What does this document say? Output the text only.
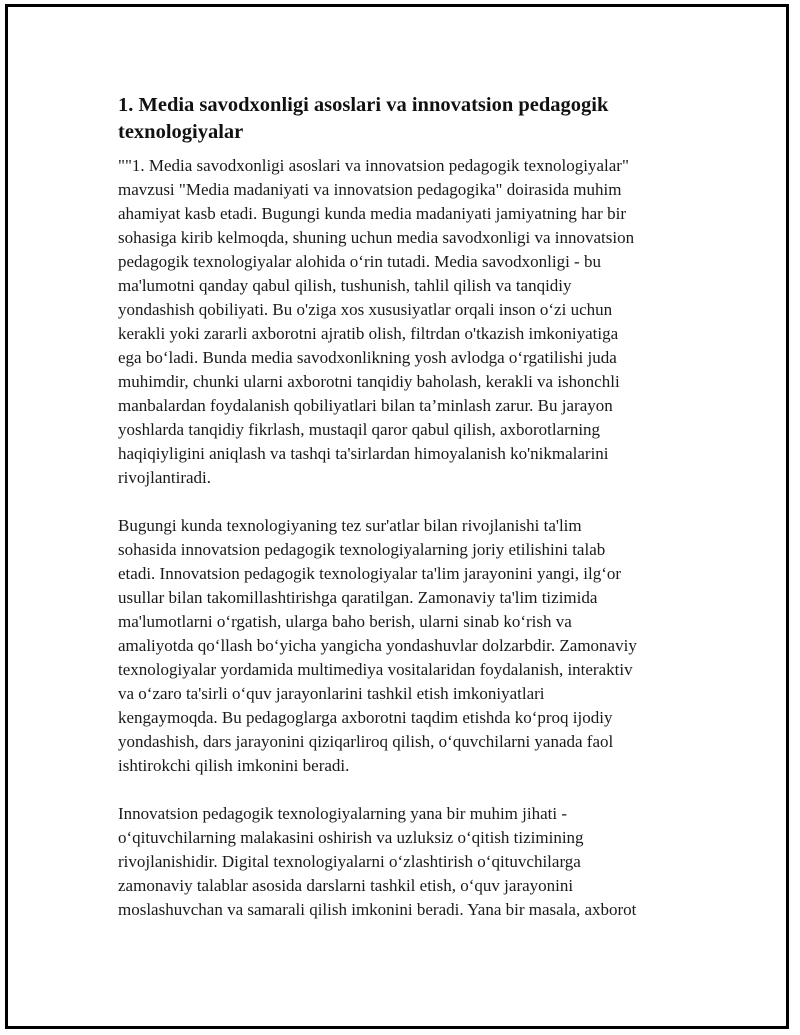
1. Media savodxonligi asoslari va innovatsion pedagogik
texnologiyalar

""1. Media savodxonligi asoslari va innovatsion pedagogik texnologiyalar"
mavzusi "Media madaniyati va innovatsion pedagogika" doirasida muhim
ahamiyat kasb etadi. Bugungi kunda media madaniyati jamiyatning har bir
sohasiga kirib kelmoqda, shuning uchun media savodxonligi va innovatsion
pedagogik texnologiyalar alohida o‘rin tutadi. Media savodxonligi - bu
ma'lumotni qanday qabul qilish, tushunish, tahlil qilish va tanqidiy
yondashish qobiliyati. Bu o'ziga xos xususiyatlar orqali inson o‘zi uchun
kerakli yoki zararli axborotni ajratib olish, filtrdan o'tkazish imkoniyatiga
ega bo‘ladi. Bunda media savodxonlikning yosh avlodga o‘rgatilishi juda
muhimdir, chunki ularni axborotni tanqidiy baholash, kerakli va ishonchli
manbalardan foydalanish qobiliyatlari bilan ta’minlash zarur. Bu jarayon
yoshlarda tanqidiy fikrlash, mustaqil qaror qabul qilish, axborotlarning
haqiqiyligini aniqlash va tashqi ta'sirlardan himoyalanish ko'nikmalarini
rivojlantiradi.

Bugungi kunda texnologiyaning tez sur'atlar bilan rivojlanishi ta'lim
sohasida innovatsion pedagogik texnologiyalarning joriy etilishini talab
etadi. Innovatsion pedagogik texnologiyalar ta'lim jarayonini yangi, ilg‘or
usullar bilan takomillashtirishga qaratilgan. Zamonaviy ta'lim tizimida
ma'lumotlarni o‘rgatish, ularga baho berish, ularni sinab ko‘rish va
amaliyotda qo‘llash bo‘yicha yangicha yondashuvlar dolzarbdir. Zamonaviy
texnologiyalar yordamida multimediya vositalaridan foydalanish, interaktiv
va o‘zaro ta'sirli o‘quv jarayonlarini tashkil etish imkoniyatlari
kengaymoqda. Bu pedagoglarga axborotni taqdim etishda ko‘proq ijodiy
yondashish, dars jarayonini qiziqarliroq qilish, o‘quvchilarni yanada faol
ishtirokchi qilish imkonini beradi.

Innovatsion pedagogik texnologiyalarning yana bir muhim jihati -
o‘qituvchilarning malakasini oshirish va uzluksiz o‘qitish tizimining
rivojlanishidir. Digital texnologiyalarni o‘zlashtirish o‘qituvchilarga
zamonaviy talablar asosida darslarni tashkil etish, o‘quv jarayonini
moslashuvchan va samarali qilish imkonini beradi. Yana bir masala, axborot
